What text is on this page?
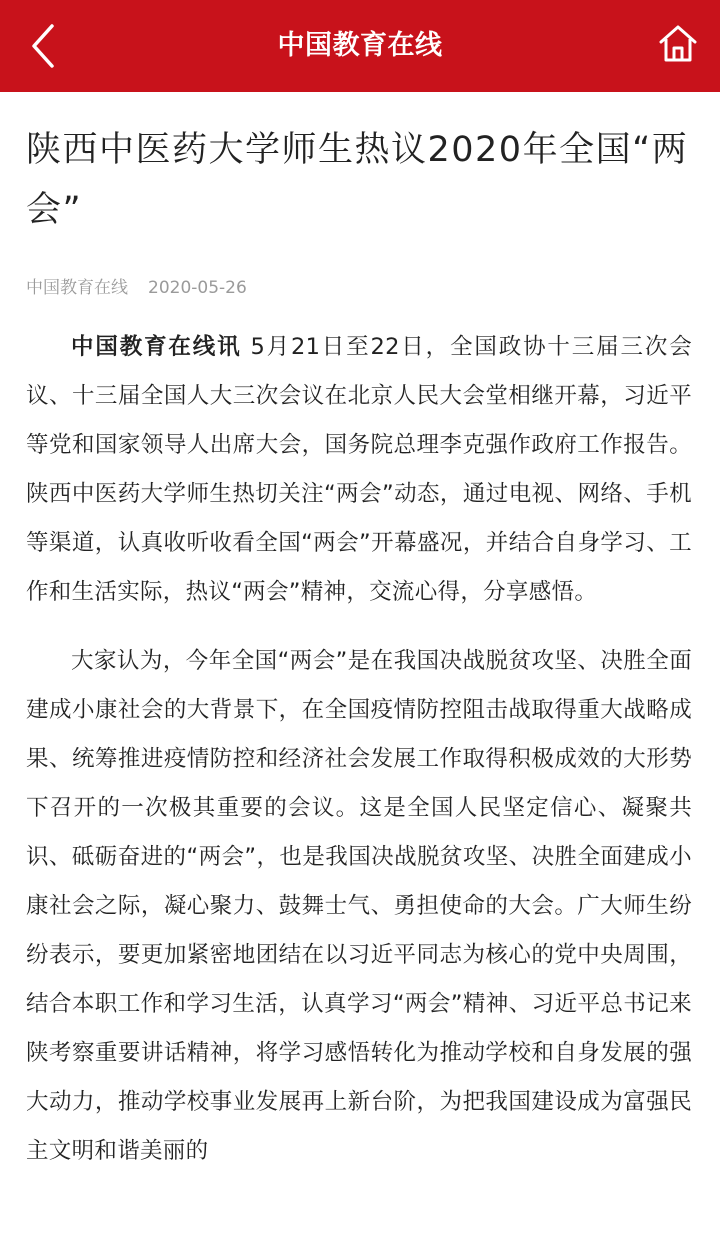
中国教育在线
陕西中医药大学师生热议2020年全国“两会”
中国教育在线 2020-05-26

中国教育在线讯 5月21日至22日，全国政协十三届三次会议、十三届全国人大三次会议在北京人民大会堂相继开幕，习近平等党和国家领导人出席大会，国务院总理李克强作政府工作报告。陕西中医药大学师生热切关注“两会”动态，通过电视、网络、手机等渠道，认真收听收看全国“两会”开幕盛况，并结合自身学习、工作和生活实际，热议“两会”精神，交流心得，分享感悟。

大家认为，今年全国“两会”是在我国决战脱贫攻坚、决胜全面建成小康社会的大背景下，在全国疫情防控阻击战取得重大战略成果、统筹推进疫情防控和经济社会发展工作取得积极成效的大形势下召开的一次极其重要的会议。这是全国人民坚定信心、凝聚共识、砥砺奋进的“两会”，也是我国决战脱贫攻坚、决胜全面建成小康社会之际，凝心聚力、鼓舞士气、勇担使命的大会。广大师生纷纷表示，要更加紧密地团结在以习近平同志为核心的党中央周围，结合本职工作和学习生活，认真学习“两会”精神、习近平总书记来陕考察重要讲话精神，将学习感悟转化为推动学校和自身发展的强大动力，推动学校事业发展再上新台阶，为把我国建设成为富强民主文明和谐美丽的
